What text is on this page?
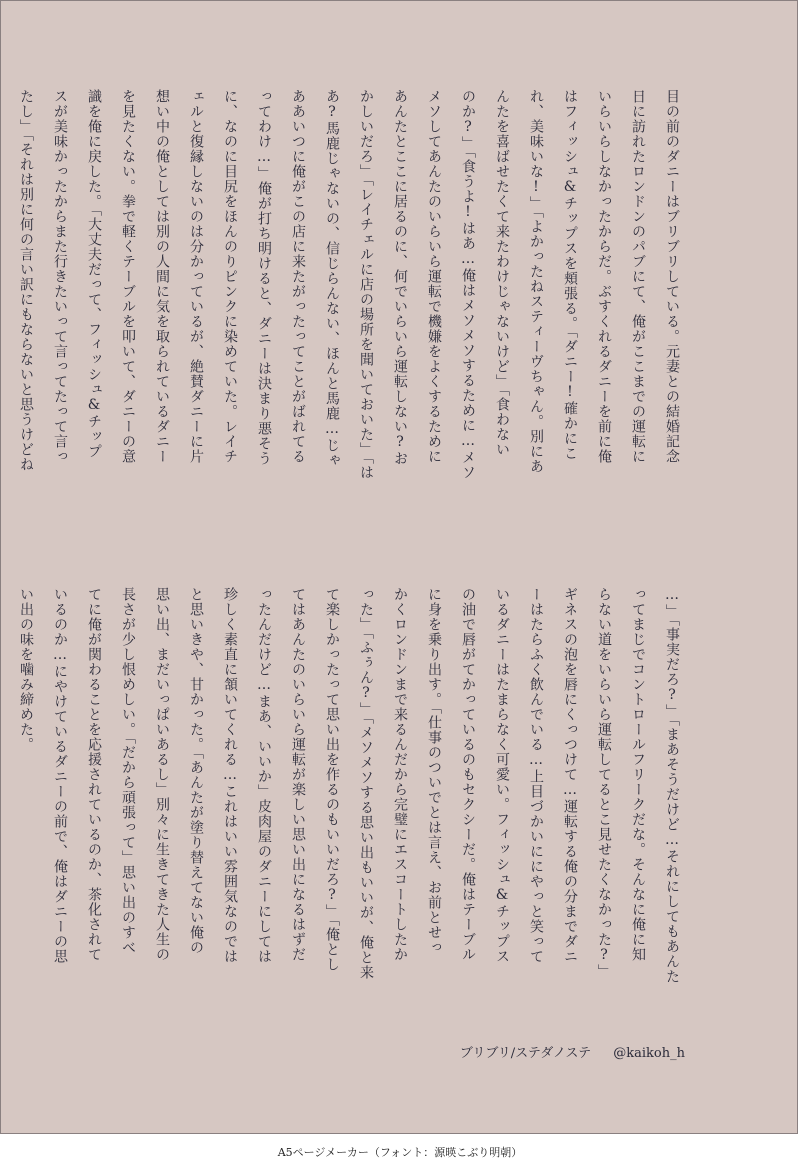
目の前のダニーはブリブリしている。元妻との結婚記念
日に訪れたロンドンのパブにて、俺がここまでの運転に
いらいらしなかったからだ。ぶすくれるダニーを前に俺
はフィッシュ&チップスを頬張る。「ダニー!確かにこ
れ、美味いな!」「よかったねスティーヴちゃん。別にあ
んたを喜ばせたくて来たわけじゃないけど」「食わない
のか?」「食うよ!はあ…俺はメソメソするために…メソ
メソしてあんたのいらいら運転で機嫌をよくするために
あんたとここに居るのに、何でいらいら運転しない?お
かしいだろ」「レイチェルに店の場所を聞いておいた」「は
あ?馬鹿じゃないの、信じらんない、ほんと馬鹿…じゃ
ああいつに俺がこの店に来たがったってことがばれてる
ってわけ…」俺が打ち明けると、ダニーは決まり悪そう
に、なのに目尻をほんのりピンクに染めていた。レイチ
ェルと復縁しないのは分かっているが、絶賛ダニーに片
想い中の俺としては別の人間に気を取られているダニー
を見たくない。拳で軽くテーブルを叩いて、ダニーの意
識を俺に戻した。「大丈夫だって、フィッシュ&チップ
スが美味かったからまた行きたいって言ってたって言っ
たし」「それは別に何の言い訳にもならないと思うけどね
…」「事実だろ?」「まあそうだけど…それにしてもあんた
ってまじでコントロールフリークだな。そんなに俺に知
らない道をいらいら運転してるとこ見せたくなかった?」
ギネスの泡を唇にくっつけて…運転する俺の分までダニ
ーはたらふく飲んでいる…上目づかいににやっと笑って
いるダニーはたまらなく可愛い。フィッシュ&チップス
の油で唇がてかっているのもセクシーだ。俺はテーブル
に身を乗り出す。「仕事のついでとは言え、お前とせっ
かくロンドンまで来るんだから完璧にエスコートしたか
った」「ふぅん?」「メソメソする思い出もいいが、俺と来
て楽しかったって思い出を作るのもいいだろ?」「俺とし
てはあんたのいらいら運転が楽しい思い出になるはずだ
ったんだけど…まあ、いいか」皮肉屋のダニーにしては
珍しく素直に頷いてくれる…これはいい雰囲気なのでは
と思いきや、甘かった。「あんたが塗り替えてない俺の
思い出、まだいっぱいあるし」別々に生きてきた人生の
長さが少し恨めしい。「だから頑張って」思い出のすべ
てに俺が関わることを応援されているのか、茶化されて
いるのか…にやけているダニーの前で、俺はダニーの思
い出の味を噛み締めた。
ブリブリ/ステダノステ @kaikoh_h
A5ページメーカー（フォント：源暎こぶり明朝）
